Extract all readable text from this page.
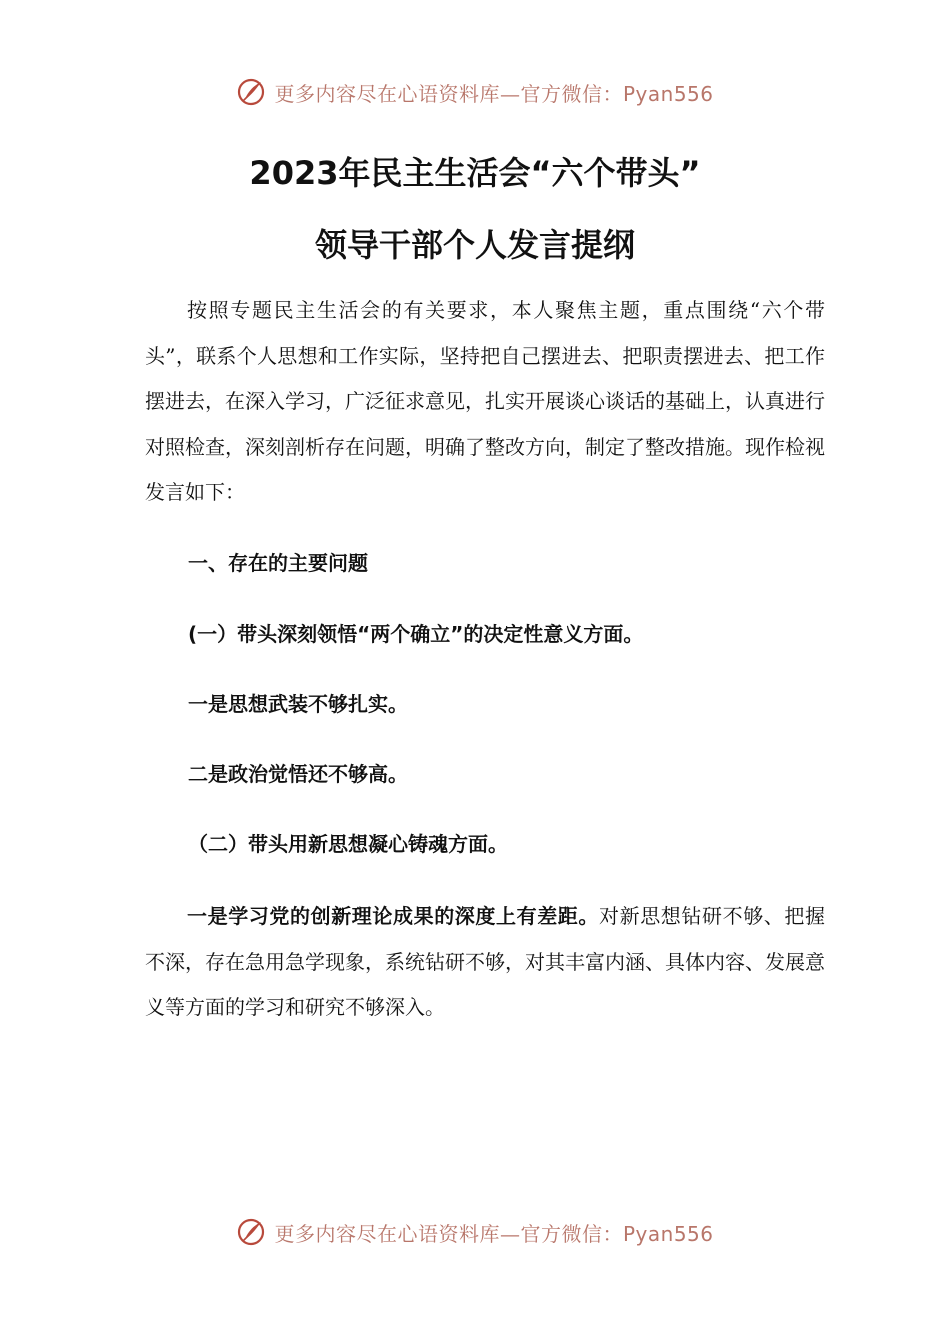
更多内容尽在心语资料库—官方微信：Pyan556
2023年民主生活会“六个带头”
领导干部个人发言提纲
按照专题民主生活会的有关要求，本人聚焦主题，重点围绕“六个带头”，联系个人思想和工作实际，坚持把自己摆进去、把职责摆进去、把工作摆进去，在深入学习，广泛征求意见，扎实开展谈心谈话的基础上，认真进行对照检查，深刻剖析存在问题，明确了整改方向，制定了整改措施。现作检视发言如下：
一、存在的主要问题
(一）带头深刻领悟“两个确立”的决定性意义方面。
一是思想武装不够扎实。
二是政治觉悟还不够高。
（二）带头用新思想凝心铸魂方面。
一是学习党的创新理论成果的深度上有差距。对新思想钻研不够、把握不深，存在急用急学现象，系统钻研不够，对其丰富内涵、具体内容、发展意义等方面的学习和研究不够深入。
更多内容尽在心语资料库—官方微信：Pyan556
